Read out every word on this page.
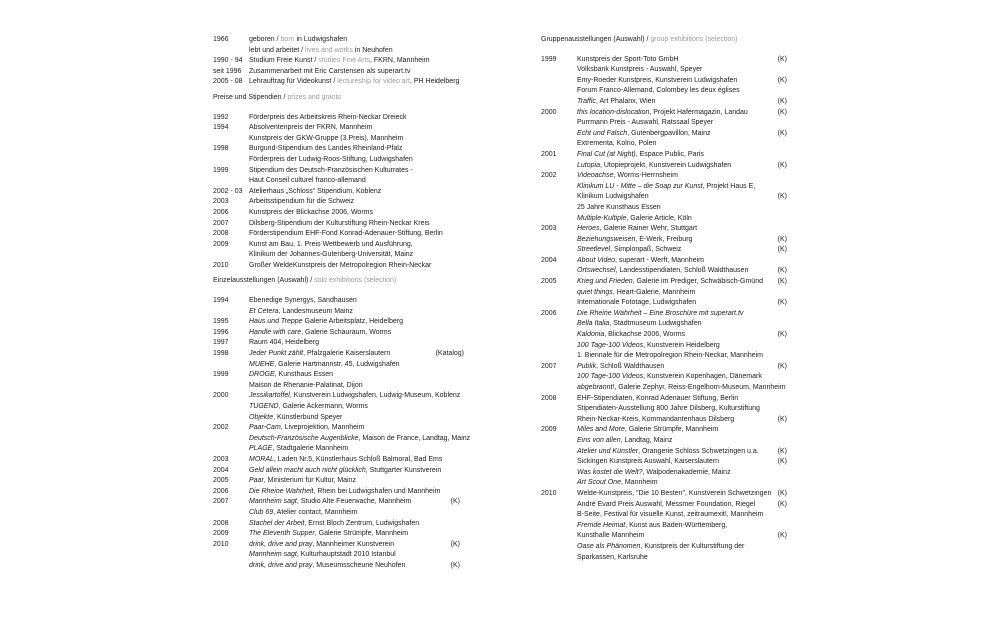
1966	geboren / born in Ludwigshafen
lebt und arbeitet / lives and works in Neuhofen
1990 - 94 Studium Freie Kunst / studies Fine Arts, FKRN, Mannheim
seit 1996 Zusammenarbeit mit Eric Carstensen als superart.tv
2005 - 08 Lehrauftrag für Videokunst / lectureship for video art, PH Heidelberg
Preise und Stipendien / prizes and grants
1992	Förderpreis des Arbeitskreis Rhein-Neckar Dreieck
1994	Absolventenpreis der FKRN, Mannheim
Kunstpreis der GKW-Gruppe (3.Preis), Mannheim
1998	Burgund-Stipendium des Landes Rheinland-Pfalz
Förderpreis der Ludwig-Roos-Stiftung, Ludwigshafen
1999	Stipendium des Deutsch-Französischen Kulturrates -
Haut Conseil culturel franco-allemand
2002 - 03 Atelierhaus „Schloss“ Stipendium, Koblenz
2003	Arbeitsstipendium für die Schweiz
2006	Kunstpreis der Blickachse 2006, Worms
2007	Dilsberg-Stipendium der Kulturstiftung Rhein-Neckar Kreis
2008	Förderstipendium EHF-Fond Konrad-Adenauer-Stiftung, Berlin
2009	Kunst am Bau, 1. Preis Wettbewerb und Ausführung,
Klinikum der Johannes-Gutenberg-Universität, Mainz
2010	Großer WeldeKunstpreis der Metropolregion Rhein-Neckar
Einzelausstellungen (Auswahl) / solo exhibitions (selection)
1994	Ebenedige Synergys, Sandhausen
Et Cetera, Landesmuseum Mainz
1995	Haus und Treppe Galerie Arbeitsplatz, Heidelberg
1996	Handle with care, Galerie Schauraum, Worms
1997	Raum 404, Heidelberg
1998	Jeder Punkt zählt, Pfalzgalerie Kaiserslautern	(Katalog)
MUEHE, Galerie Hartmannstr. 45, Ludwigshafen
1999	DROGE, Kunsthaus Essen
Maison de Rhenanie-Palatinat, Dijon
2000	Jessikartoffel, Kunstverein Ludwigshafen, Ludwig-Museum, Koblenz
TUGEND, Galerie Ackermann, Worms
Objekte, Künstlerbund Speyer
2002	Paar-Cam, Liveprojektion, Mannheim
Deutsch-Französische Augenblicke, Maison de France, Landtag, Mainz
PLAGE, Stadtgalerie Mannheim
2003	MORAL, Laden Nr.5, Künstlerhaus Schloß Balmoral, Bad Ems
2004	Geld allein macht auch nicht glücklich, Stuttgarter Kunstverein
2005	Paar, Ministerium für Kultur, Mainz
2006	Die Rheine Wahrheit, Rhein bei Ludwigshafen und Mannheim
2007	Mannheim sagt, Studio Alte Feuerwache, Mannheim	(K)
Club 69, Atelier contact, Mannheim
2008	Stachel der Arbeit, Ernst Bloch Zentrum, Ludwigshafen
2009	The Eleventh Supper, Galerie Strümpfe, Mannheim
2010	drink, drive and pray, Mannheimer Kunstverein	(K)
Mannheim sagt, Kulturhauptstadt 2010 Istanbul
drink, drive and pray, Museumsscheune Neuhofen	(K)
Gruppenausstellungen (Auswahl) / group exhibitions (selection)
1999	Kunstpreis der Sport-Toto GmbH	(K)
Volksbank Kunstpreis - Auswahl, Speyer
Emy-Roeder Kunstpreis, Kunstverein Ludwigshafen	(K)
Forum Franco-Allemand, Colombey les deux églises
Traffic, Art Phalanx, Wien	(K)
2000	this location-dislocation, Projekt Hafermagazin, Landau	(K)
Purrmann Preis - Auswahl, Ratssaal Speyer
Echt und Falsch, Gutenbergpavillon, Mainz	(K)
Extrementa, Kolno, Polen
2001	Final Cut (at Night), Espace Public, Paris
Lutopia, Utopieprojekt, Kunstverein Ludwigshafen	(K)
2002	Videoachse, Worms-Herrnsheim
Klinikum LU - Mitte – die Soap zur Kunst, Projekt Haus E,
Klinikum Ludwigshafen	(K)
25 Jahre Kunsthaus Essen
Multiple-Kultiple, Galerie Article, Köln
2003	Heroes, Galerie Rainer Wehr, Stuttgart
Beziehungsweisen, E-Werk, Freiburg	(K)
Streetlevel, Simplonpaß, Schweiz	(K)
2004	About Video, superart - Werft, Mannheim
Ortswechsel, Landesstipendiaten, Schloß Waldthausen	(K)
2005	Krieg und Frieden, Galerie im Prediger, Schwäbisch-Gmünd (K)
quiet things, Heart-Galerie, Mannheim
Internationale Fototage, Ludwigshafen	(K)
2006	Die Rheine Wahrheit – Eine Broschüre mit superart.tv
Bella Italia, Stadtmuseum Ludwigshafen
Kaldonia, Blickachse 2006, Worms	(K)
100 Tage-100 Videos, Kunstverein Heidelberg
1. Biennale für die Metropolregion Rhein-Neckar, Mannheim
2007	Publik, Schloß Waldthausen	(K)
100 Tage-100 Videos, Kunstverein Kopenhagen, Dänemark
abgebrannt!, Galerie Zephyr, Reiss-Engelhorn-Museum, Mannheim
2008	EHF-Stipendiaten, Konrad Adenauer Stiftung, Berlin
Stipendiaten-Ausstellung 800 Jahre Dilsberg, Kulturstiftung
Rhein-Neckar-Kreis, Kommandantenhaus Dilsberg	(K)
2009	Miles and More, Galerie Strümpfe, Mannheim
Eins von allen, Landtag, Mainz
Atelier und Künstler, Orangerie Schloss Schwetzingen u.a.	(K)
Sickingen Kunstpreis Auswahl, Kaiserslautern	(K)
Was kostet die Welt?, Walpodenakademie, Mainz
Art Scout One, Mannheim
2010	Welde-Kunstpreis, "Die 10 Besten", Kunstverein Schwetzingen (K)
André Evard Preis Auswahl, Messmer Foundation, Riegel	(K)
B-Seite, Festival für visuelle Kunst, zeitraumexit!, Mannheim
Fremde Heimat, Kunst aus Baden-Württemberg,
Kunsthalle Mannheim	(K)
Oase als Phänomen, Kunstpreis der Kulturstiftung der
Sparkassen, Karlsruhe
